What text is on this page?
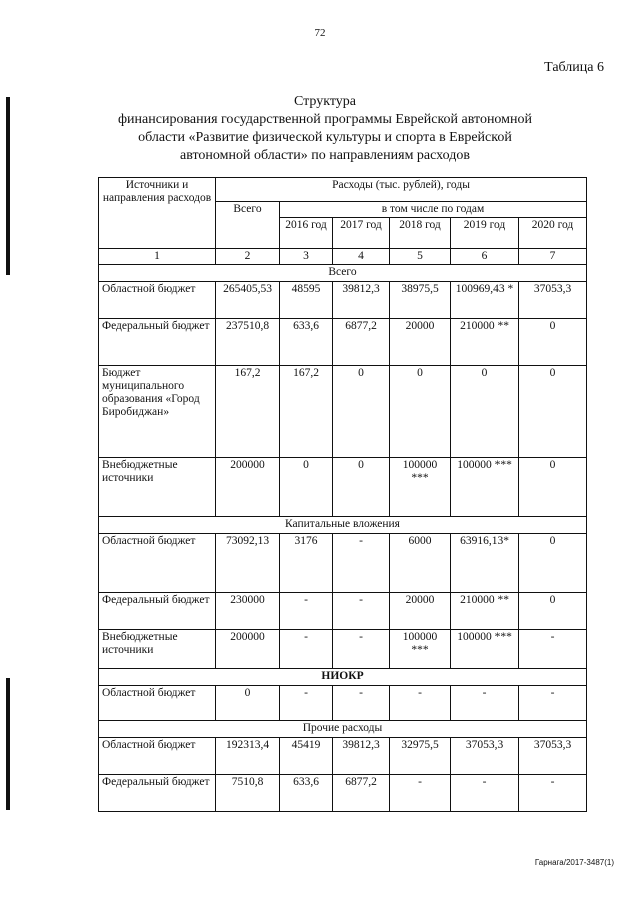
72
Таблица 6
Структура
финансирования государственной программы Еврейской автономной
области «Развитие физической культуры и спорта в Еврейской
автономной области» по направлениям расходов
Источники и направления расходов	Расходы (тыс. рублей), годы					
	Всего	в том числе по годам				
		2016 год	2017 год	2018 год	2019 год	2020 год
1	2	3	4	5	6	7
Всего						
Областной бюджет	265405,53	48595	39812,3	38975,5	100969,43 *	37053,3
Федеральный бюджет	237510,8	633,6	6877,2	20000	210000 **	0
Бюджет муниципального образования «Город Биробиджан»	167,2	167,2	0	0	0	0
Внебюджетные источники	200000	0	0	100000 ***	100000 ***	0
Капитальные вложения						
Областной бюджет	73092,13	3176	-	6000	63916,13*	0
Федеральный бюджет	230000	-	-	20000	210000 **	0
Внебюджетные источники	200000	-	-	100000 ***	100000 ***	-
НИОКР						
Областной бюджет	0	-	-	-	-	-
Прочие расходы						
Областной бюджет	192313,4	45419	39812,3	32975,5	37053,3	37053,3
Федеральный бюджет	7510,8	633,6	6877,2	-	-	-
Гарнага/2017-3487(1)
